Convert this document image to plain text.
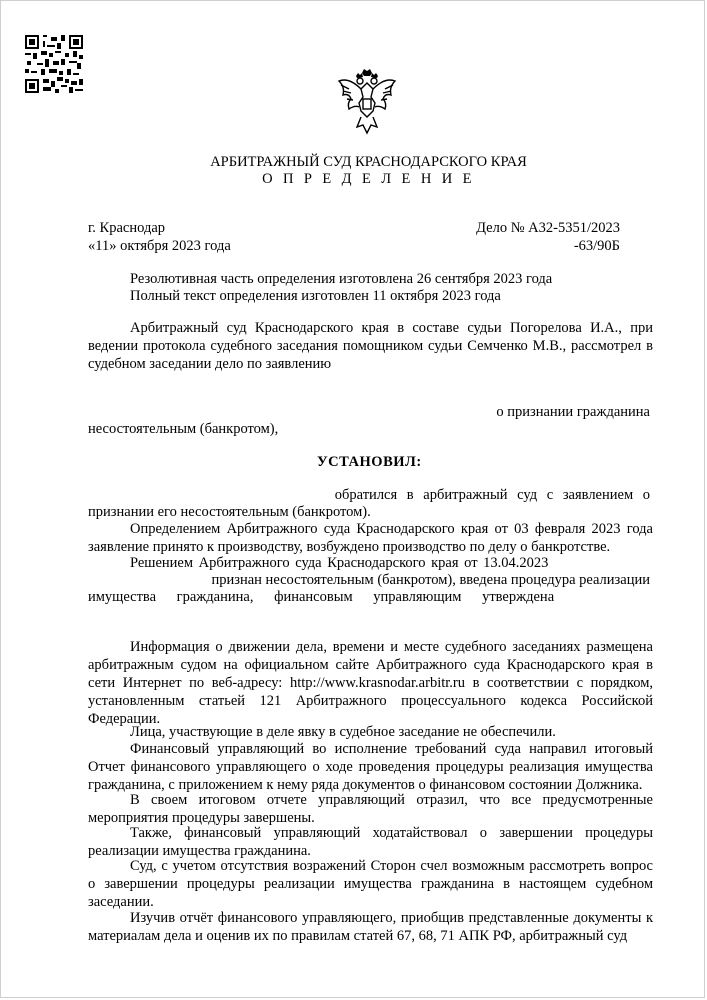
АРБИТРАЖНЫЙ СУД КРАСНОДАРСКОГО КРАЯ
О П Р Е Д Е Л Е Н И Е
г. Краснодар
«11» октября 2023 года
Дело № А32-5351/2023
-63/90Б
Резолютивная часть определения изготовлена 26 сентября 2023 года
Полный текст определения изготовлен 11 октября 2023 года
Арбитражный суд Краснодарского края в составе судьи Погорелова И.А., при ведении протокола судебного заседания помощником судьи Семченко М.В., рассмотрел в судебном заседании дело по заявлению
о признании гражданина
несостоятельным (банкротом),
УСТАНОВИЛ:
обратился в арбитражный суд с заявлением о
признании его несостоятельным (банкротом).
Определением Арбитражного суда Краснодарского края от 03 февраля 2023 года заявление принято к производству, возбуждено производство по делу о банкротстве.
Решением Арбитражного суда Краснодарского края от 13.04.2023
признан несостоятельным (банкротом), введена процедура реализации
имущества гражданина, финансовым управляющим утверждена
Информация о движении дела, времени и месте судебного заседаниях размещена арбитражным судом на официальном сайте Арбитражного суда Краснодарского края в сети Интернет по веб-адресу: http://www.krasnodar.arbitr.ru в соответствии с порядком, установленным статьей 121 Арбитражного процессуального кодекса Российской Федерации.
Лица, участвующие в деле явку в судебное заседание не обеспечили.
Финансовый управляющий во исполнение требований суда направил итоговый Отчет финансового управляющего о ходе проведения процедуры реализация имущества гражданина, с приложением к нему ряда документов о финансовом состоянии Должника.
В своем итоговом отчете управляющий отразил, что все предусмотренные мероприятия процедуры завершены.
Также, финансовый управляющий ходатайствовал о завершении процедуры реализации имущества гражданина.
Суд, с учетом отсутствия возражений Сторон счел возможным рассмотреть вопрос о завершении процедуры реализации имущества гражданина в настоящем судебном заседании.
Изучив отчёт финансового управляющего, приобщив представленные документы к материалам дела и оценив их по правилам статей 67, 68, 71 АПК РФ, арбитражный суд
